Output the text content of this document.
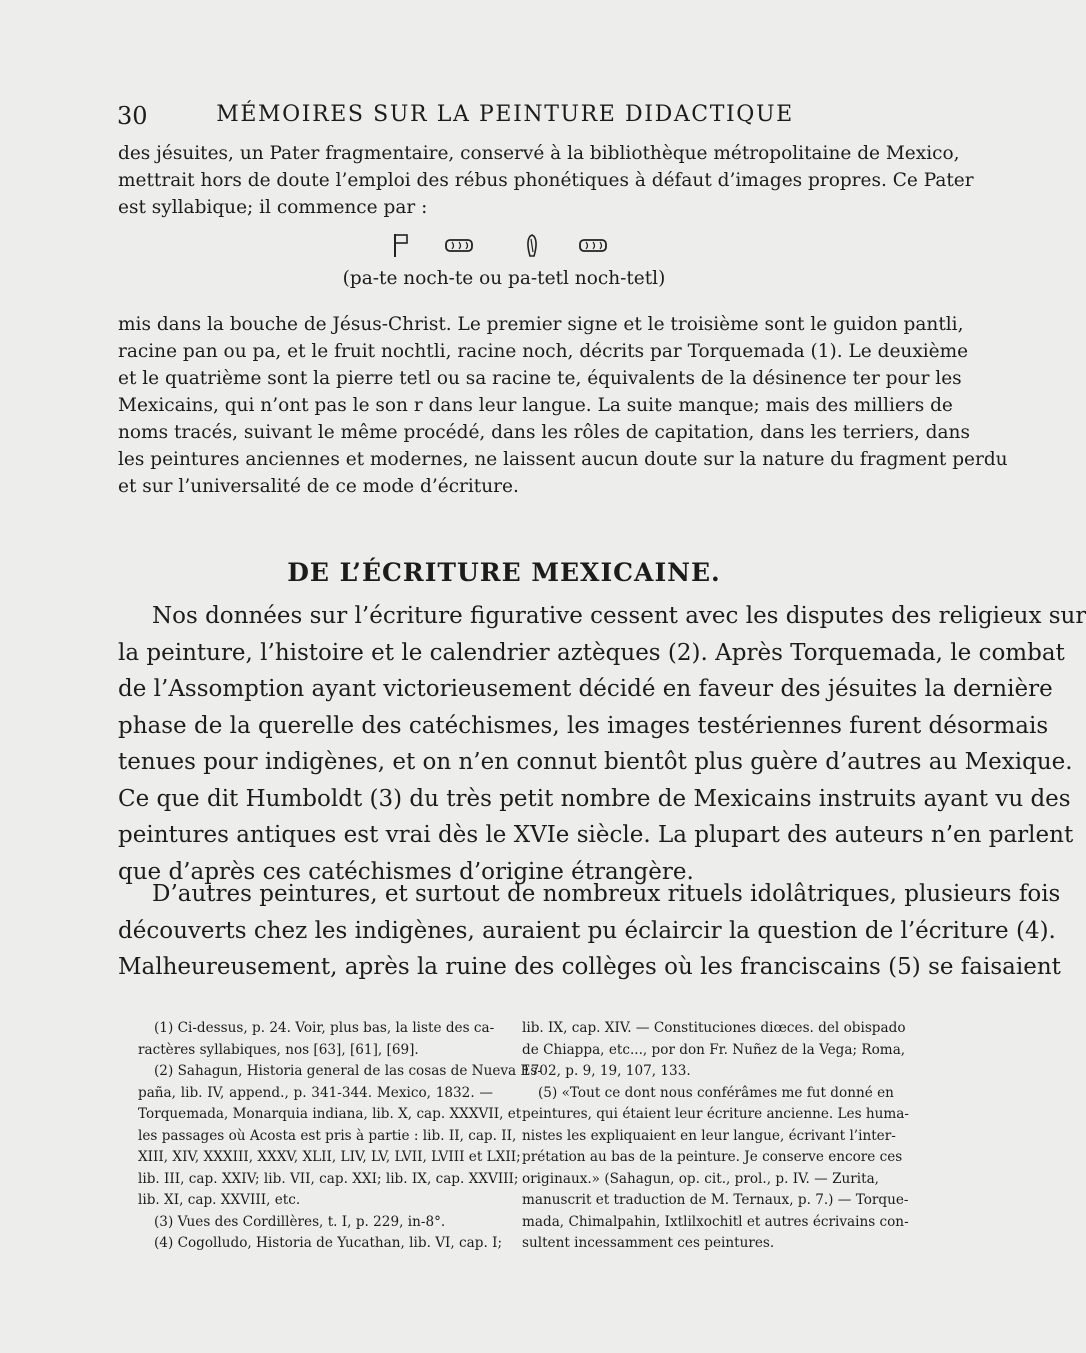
30	MÉMOIRES SUR LA PEINTURE DIDACTIQUE
des jésuites, un Pater fragmentaire, conservé à la bibliothèque métropolitaine de Mexico,
mettrait hors de doute l’emploi des rébus phonétiques à défaut d’images propres. Ce Pater
est syllabique; il commence par :
(pa-te noch-te ou pa-tetl noch-tetl)
mis dans la bouche de Jésus-Christ. Le premier signe et le troisième sont le guidon pantli,
racine pan ou pa, et le fruit nochtli, racine noch, décrits par Torquemada (1). Le deuxième
et le quatrième sont la pierre tetl ou sa racine te, équivalents de la désinence ter pour les
Mexicains, qui n’ont pas le son r dans leur langue. La suite manque; mais des milliers de
noms tracés, suivant le même procédé, dans les rôles de capitation, dans les terriers, dans
les peintures anciennes et modernes, ne laissent aucun doute sur la nature du fragment perdu
et sur l’universalité de ce mode d’écriture.
DE L’ÉCRITURE MEXICAINE.
Nos données sur l’écriture figurative cessent avec les disputes des religieux sur
la peinture, l’histoire et le calendrier aztèques (2). Après Torquemada, le combat
de l’Assomption ayant victorieusement décidé en faveur des jésuites la dernière
phase de la querelle des catéchismes, les images testériennes furent désormais
tenues pour indigènes, et on n’en connut bientôt plus guère d’autres au Mexique.
Ce que dit Humboldt (3) du très petit nombre de Mexicains instruits ayant vu des
peintures antiques est vrai dès le XVIe siècle. La plupart des auteurs n’en parlent
que d’après ces catéchismes d’origine étrangère.
D’autres peintures, et surtout de nombreux rituels idolâtriques, plusieurs fois
découverts chez les indigènes, auraient pu éclaircir la question de l’écriture (4).
Malheureusement, après la ruine des collèges où les franciscains (5) se faisaient
(1) Ci-dessus, p. 24. Voir, plus bas, la liste des ca-
ractères syllabiques, nos [63], [61], [69].
(2) Sahagun, Historia general de las cosas de Nueva Es-
paña, lib. IV, append., p. 341-344. Mexico, 1832. —
Torquemada, Monarquia indiana, lib. X, cap. XXXVII, et
les passages où Acosta est pris à partie : lib. II, cap. II,
XIII, XIV, XXXIII, XXXV, XLII, LIV, LV, LVII, LVIII et LXII;
lib. III, cap. XXIV; lib. VII, cap. XXI; lib. IX, cap. XXVIII;
lib. XI, cap. XXVIII, etc.
(3) Vues des Cordillères, t. I, p. 229, in-8°.
(4) Cogolludo, Historia de Yucathan, lib. VI, cap. I;
lib. IX, cap. XIV. — Constituciones diœces. del obispado
de Chiappa, etc..., por don Fr. Nuñez de la Vega; Roma,
1702, p. 9, 19, 107, 133.
(5) «Tout ce dont nous conférâmes me fut donné en
peintures, qui étaient leur écriture ancienne. Les huma-
nistes les expliquaient en leur langue, écrivant l’inter-
prétation au bas de la peinture. Je conserve encore ces
originaux.» (Sahagun, op. cit., prol., p. IV. — Zurita,
manuscrit et traduction de M. Ternaux, p. 7.) — Torque-
mada, Chimalpahin, Ixtlilxochitl et autres écrivains con-
sultent incessamment ces peintures.
